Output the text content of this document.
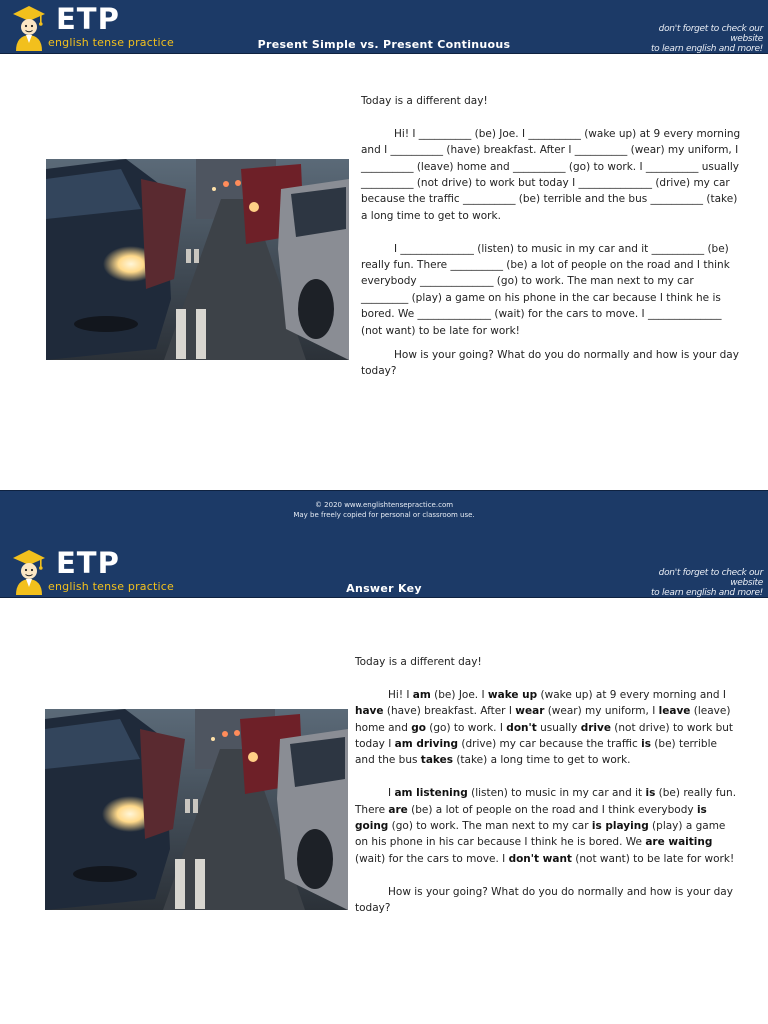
ETP
english tense practice	Present Simple vs. Present Continuous
don't forget to check our website
to learn english and more!

Today is a different day!

Hi! I __________ (be) Joe. I __________ (wake up) at 9 every morning and I __________ (have) breakfast. After I __________ (wear) my uniform, I __________ (leave) home and __________ (go) to work. I __________ usually __________ (not drive) to work but today I ______________ (drive) my car because the traffic __________ (be) terrible and the bus __________ (take) a long time to get to work.

I ______________ (listen) to music in my car and it __________ (be) really fun. There __________ (be) a lot of people on the road and I think everybody ______________ (go) to work. The man next to my car _________ (play) a game on his phone in the car because I think he is bored. We ______________ (wait) for the cars to move. I ______________ (not want) to be late for work!

How is your going? What do you do normally and how is your day today?

© 2020 www.englishtensepractice.com
May be freely copied for personal or classroom use.
ETP
english tense practice	Answer Key
don't forget to check our website
to learn english and more!

Today is a different day!

Hi! I am (be) Joe. I wake up (wake up) at 9 every morning and I have (have) breakfast. After I wear (wear) my uniform, I leave (leave) home and go (go) to work. I don't usually drive (not drive) to work but today I am driving (drive) my car because the traffic is (be) terrible and the bus takes (take) a long time to get to work.

I am listening (listen) to music in my car and it is (be) really fun. There are (be) a lot of people on the road and I think everybody is going (go) to work. The man next to my car is playing (play) a game on his phone in his car because I think he is bored. We are waiting (wait) for the cars to move. I don't want (not want) to be late for work!

How is your going? What do you do normally and how is your day today?
